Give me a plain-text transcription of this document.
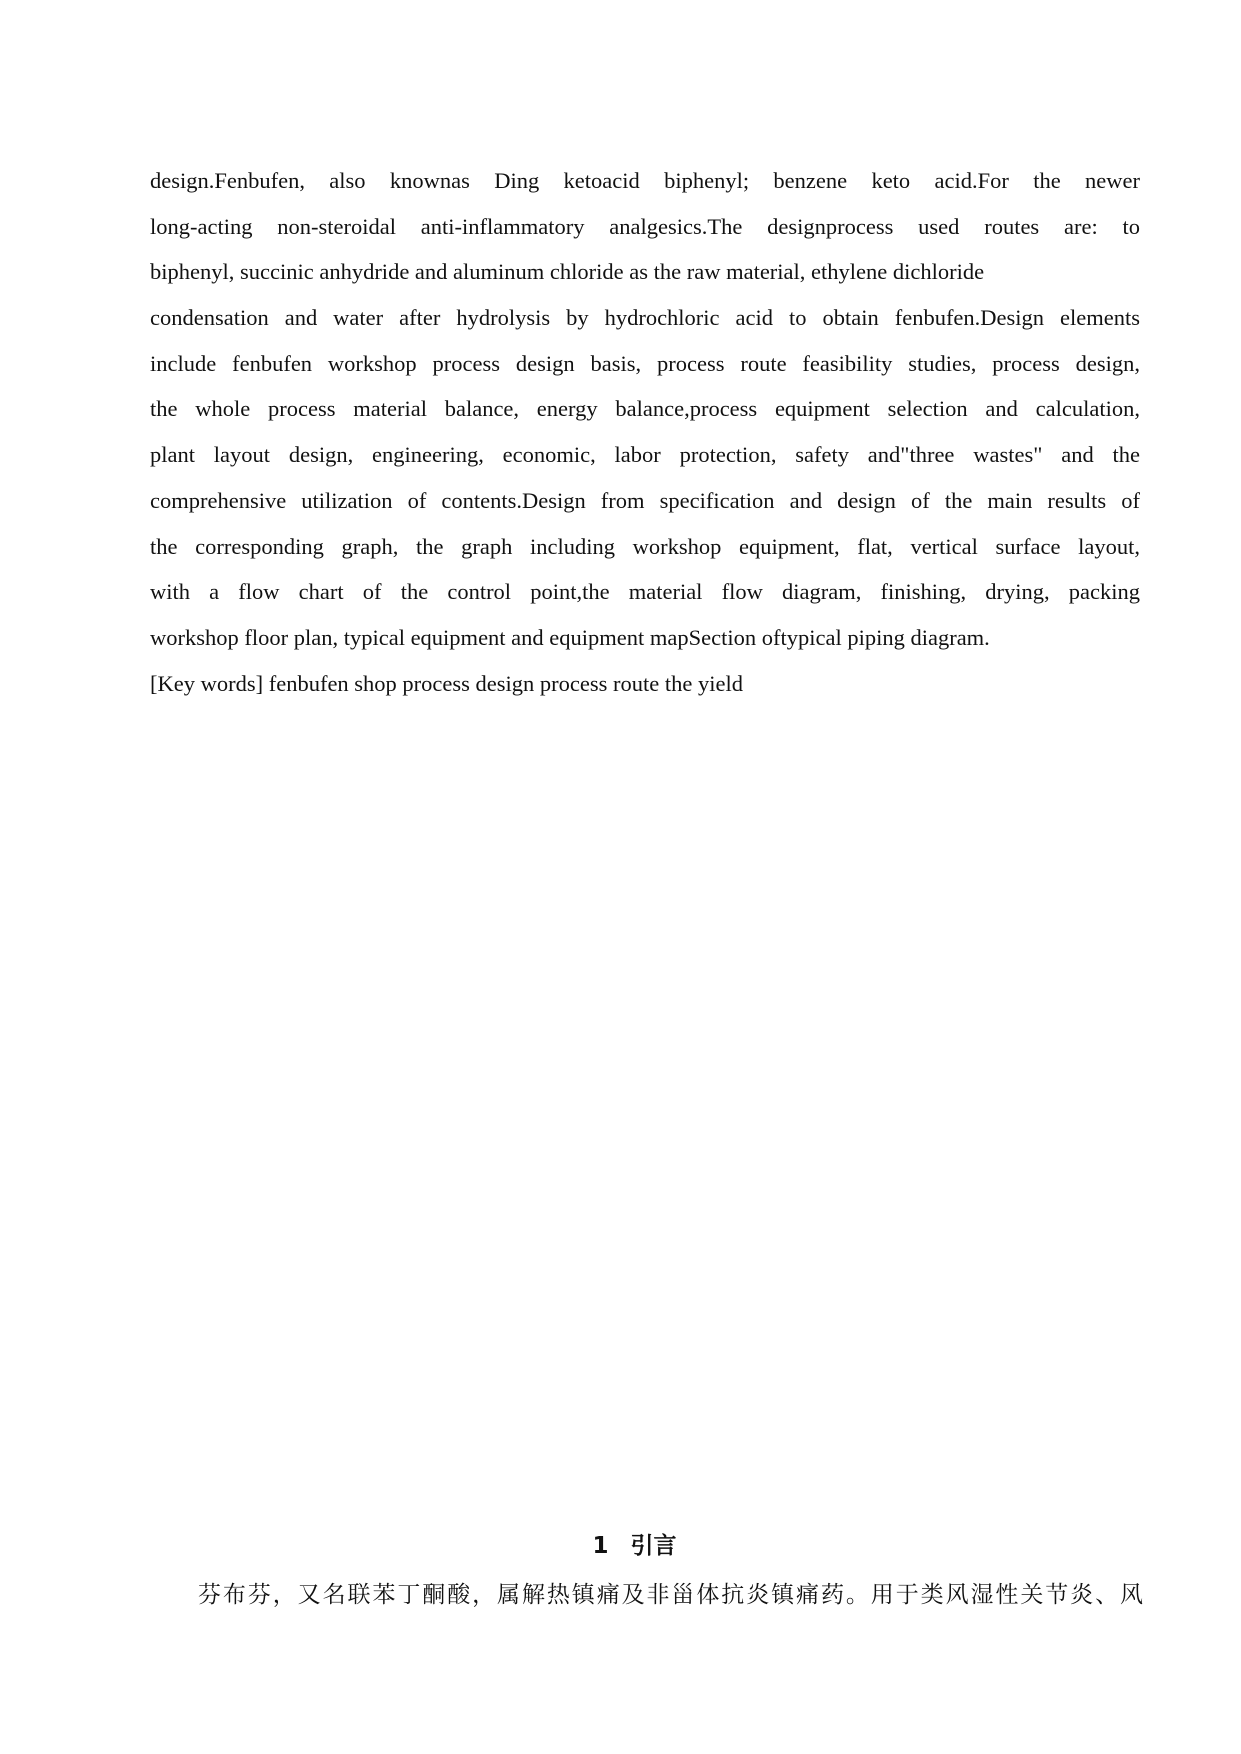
design.Fenbufen, also knownas Ding ketoacid biphenyl; benzene keto acid.For the newer
long-acting non-steroidal anti-inflammatory analgesics.The designprocess used routes are: to
biphenyl, succinic anhydride and aluminum chloride as the raw material, ethylene dichloride
condensation and water after hydrolysis by hydrochloric acid to obtain fenbufen.Design elements
include fenbufen workshop process design basis, process route feasibility studies, process design,
the whole process material balance, energy balance,process equipment selection and calculation,
plant layout design, engineering, economic, labor protection, safety and"three wastes" and the
comprehensive utilization of contents.Design from specification and design of the main results of
the corresponding graph, the graph including workshop equipment, flat, vertical surface layout,
with a flow chart of the control point,the material flow diagram, finishing, drying, packing
workshop floor plan, typical equipment and equipment mapSection oftypical piping diagram.
[Key words] fenbufen shop process design process route the yield
1 引言
芬布芬，又名联苯丁酮酸，属解热镇痛及非甾体抗炎镇痛药。用于类风湿性关节炎、风
